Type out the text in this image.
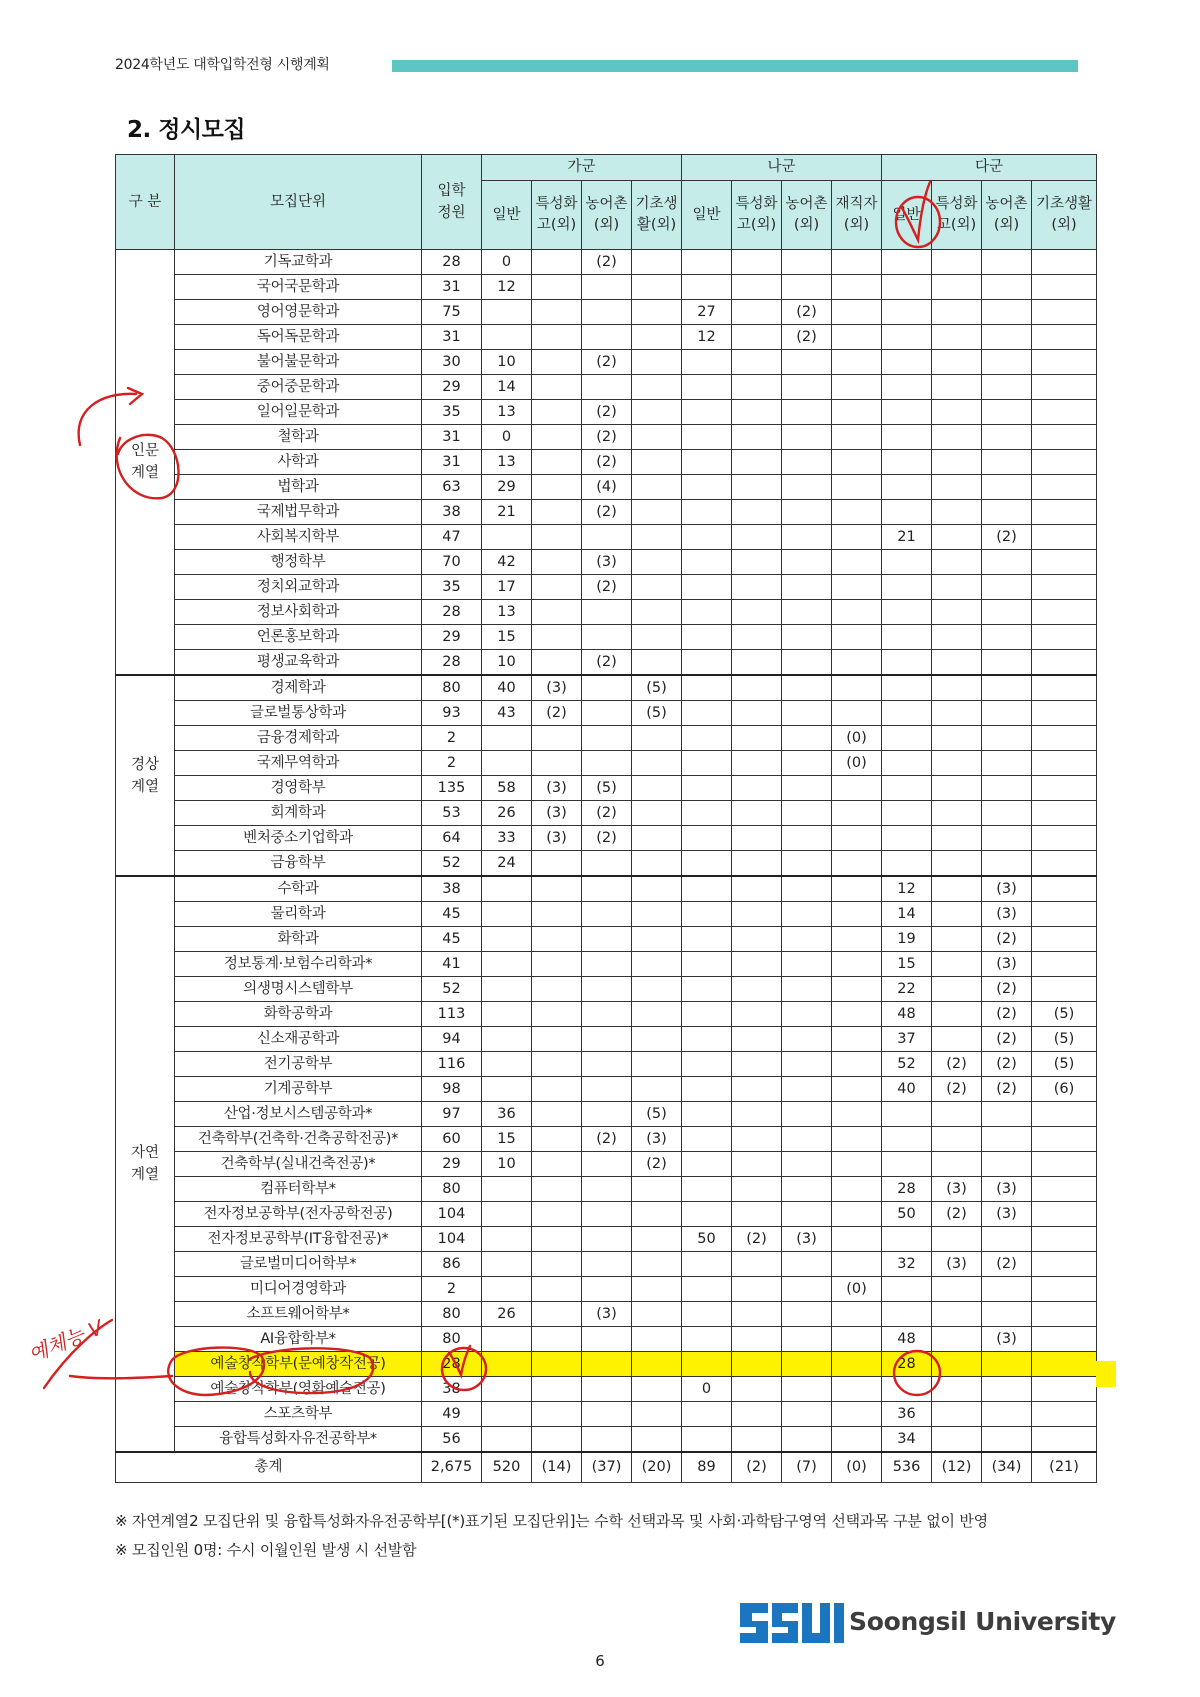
2024학년도 대학입학전형 시행계획
2. 정시모집
구 분	모집단위	입학정원	가군				나군				다군			
			일반	특성화고(외)	농어촌(외)	기초생활(외)	일반	특성화고(외)	농어촌(외)	재직자(외)	일반	특성화고(외)	농어촌(외)	기초생활(외)
인문 계열	기독교학과	28	0		(2)									
	국어국문학과	31	12											
	영어영문학과	75					27		(2)					
	독어독문학과	31					12		(2)					
	불어불문학과	30	10		(2)									
	중어중문학과	29	14											
	일어일문학과	35	13		(2)									
	철학과	31	0		(2)									
	사학과	31	13		(2)									
	법학과	63	29		(4)									
	국제법무학과	38	21		(2)									
	사회복지학부	47									21		(2)	
	행정학부	70	42		(3)									
	정치외교학과	35	17		(2)									
	정보사회학과	28	13											
	언론홍보학과	29	15											
	평생교육학과	28	10		(2)									
경상 계열	경제학과	80	40	(3)		(5)								
	글로벌통상학과	93	43	(2)		(5)								
	금융경제학과	2								(0)				
	국제무역학과	2								(0)				
	경영학부	135	58	(3)	(5)									
	회계학과	53	26	(3)	(2)									
	벤처중소기업학과	64	33	(3)	(2)									
	금융학부	52	24											
자연 계열	수학과	38									12		(3)	
	물리학과	45									14		(3)	
	화학과	45									19		(2)	
	정보통계·보험수리학과*	41									15		(3)	
	의생명시스템학부	52									22		(2)	
	화학공학과	113									48		(2)	(5)
	신소재공학과	94									37		(2)	(5)
	전기공학부	116									52	(2)	(2)	(5)
	기계공학부	98									40	(2)	(2)	(6)
	산업·정보시스템공학과*	97	36			(5)								
	건축학부(건축학·건축공학전공)*	60	15		(2)	(3)								
	건축학부(실내건축전공)*	29	10			(2)								
	컴퓨터학부*	80									28	(3)	(3)	
	전자정보공학부(전자공학전공)	104									50	(2)	(3)	
	전자정보공학부(IT융합전공)*	104					50	(2)	(3)					
	글로벌미디어학부*	86									32	(3)	(2)	
	미디어경영학과	2								(0)				
	소프트웨어학부*	80	26		(3)									
	AI융합학부*	80									48		(3)	
	예술창작학부(문예창작전공)	28									28			
	예술창작학부(영화예술전공)	38					0							
	스포츠학부	49									36			
	융합특성화자유전공학부*	56									34			
총계		2,675	520	(14)	(37)	(20)	89	(2)	(7)	(0)	536	(12)	(34)	(21)
※ 자연계열2 모집단위 및 융합특성화자유전공학부[(*)표기된 모집단위]는 수학 선택과목 및 사회·과학탐구영역 선택과목 구분 없이 반영
※ 모집인원 0명: 수시 이월인원 발생 시 선발함
Soongsil University
6
예체능 V
